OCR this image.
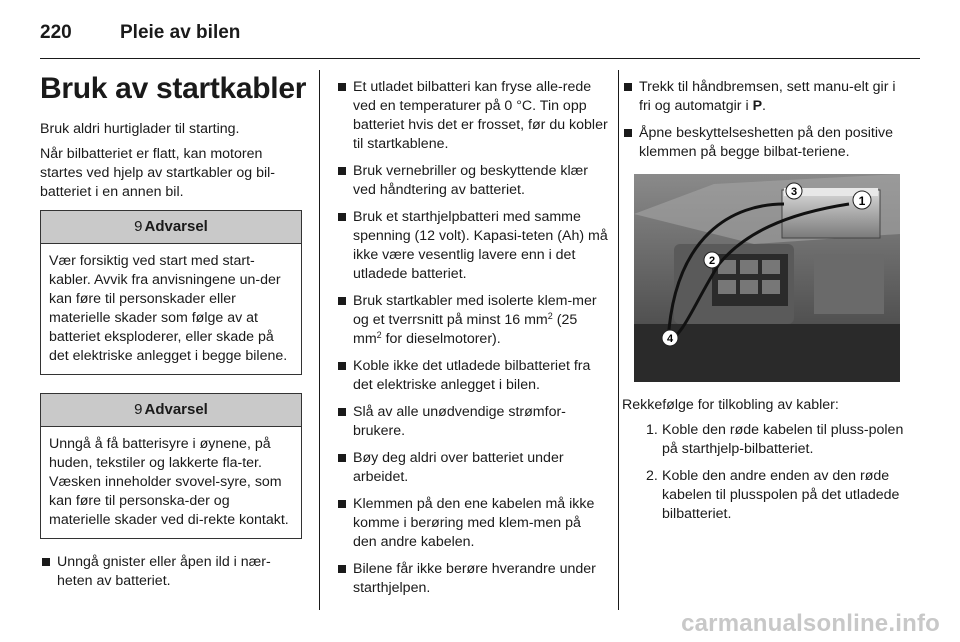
220	Pleie av bilen
Bruk av startkabler

Bruk aldri hurtiglader til starting.

Når bilbatteriet er flatt, kan motoren startes ved hjelp av startkabler og bil-batteriet i en annen bil.

9 Advarsel
Vær forsiktig ved start med start-kabler. Avvik fra anvisningene un-der kan føre til personskader eller materielle skader som følge av at batteriet eksploderer, eller skade på det elektriske anlegget i begge bilene.
9 Advarsel
Unngå å få batterisyre i øynene, på huden, tekstiler og lakkerte fla-ter. Væsken inneholder svovel-syre, som kan føre til personska-der og materielle skader ved di-rekte kontakt.
Unngå gnister eller åpen ild i nær-heten av batteriet.
Et utladet bilbatteri kan fryse alle-rede ved en temperaturer på 0 °C. Tin opp batteriet hvis det er frosset, før du kobler til startkablene.
Bruk vernebriller og beskyttende klær ved håndtering av batteriet.
Bruk et starthjelpbatteri med samme spenning (12 volt). Kapasi-teten (Ah) må ikke være vesentlig lavere enn i det utladede batteriet.
Bruk startkabler med isolerte klem-mer og et tverrsnitt på minst 16 $mm^2$ (25 $mm^2$ for dieselmotorer).
Koble ikke det utladede bilbatteriet fra det elektriske anlegget i bilen.
Slå av alle unødvendige strømfor-brukere.
Bøy deg aldri over batteriet under arbeidet.
Klemmen på den ene kabelen må ikke komme i berøring med klem-men på den andre kabelen.
Bilene får ikke berøre hverandre under starthjelpen.
Trekk til håndbremsen, sett manu-elt gir i fri og automatgir i P.
Åpne beskyttelseshetten på den positive klemmen på begge bilbat-teriene.
1
2
3
4

Rekkefølge for tilkobling av kabler:

1. Koble den røde kabelen til pluss-polen på starthjelp-bilbatteriet.
2. Koble den andre enden av den røde kabelen til plusspolen på det utladede bilbatteriet.
carmanualsonline.info
